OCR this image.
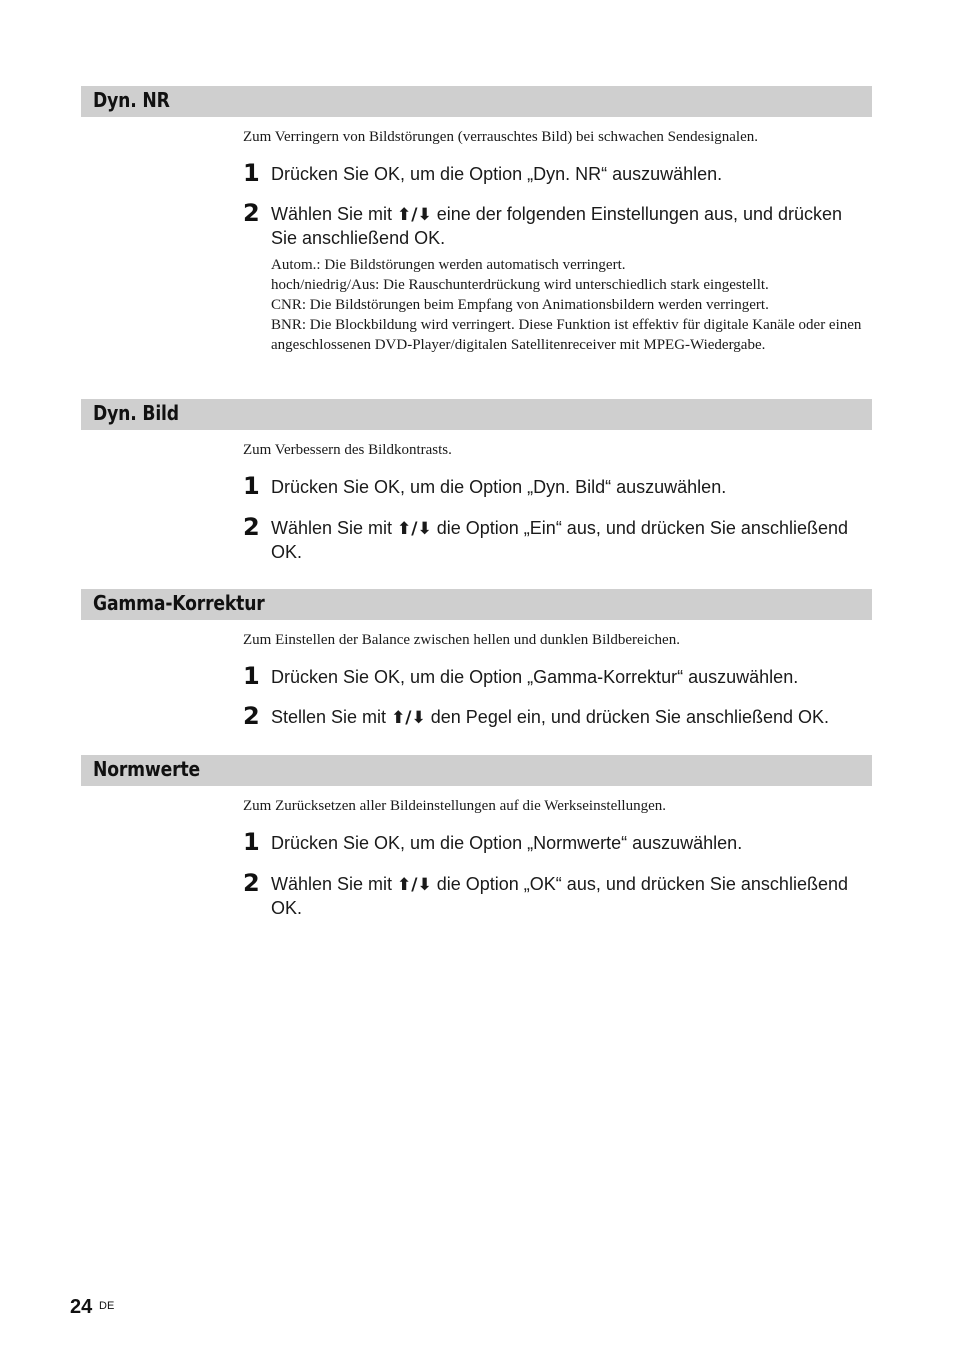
Dyn. NR
Zum Verringern von Bildstörungen (verrauschtes Bild) bei schwachen Sendesignalen.
1 Drücken Sie OK, um die Option „Dyn. NR“ auszuwählen.
2 Wählen Sie mit ⬆/⬇ eine der folgenden Einstellungen aus, und drücken Sie anschließend OK.
Autom.: Die Bildstörungen werden automatisch verringert.
hoch/niedrig/Aus: Die Rauschunterdrückung wird unterschiedlich stark eingestellt.
CNR: Die Bildstörungen beim Empfang von Animationsbildern werden verringert.
BNR: Die Blockbildung wird verringert. Diese Funktion ist effektiv für digitale Kanäle oder einen angeschlossenen DVD-Player/digitalen Satellitenreceiver mit MPEG-Wiedergabe.
Dyn. Bild
Zum Verbessern des Bildkontrasts.
1 Drücken Sie OK, um die Option „Dyn. Bild“ auszuwählen.
2 Wählen Sie mit ⬆/⬇ die Option „Ein“ aus, und drücken Sie anschließend OK.
Gamma-Korrektur
Zum Einstellen der Balance zwischen hellen und dunklen Bildbereichen.
1 Drücken Sie OK, um die Option „Gamma-Korrektur“ auszuwählen.
2 Stellen Sie mit ⬆/⬇ den Pegel ein, und drücken Sie anschließend OK.
Normwerte
Zum Zurücksetzen aller Bildeinstellungen auf die Werkseinstellungen.
1 Drücken Sie OK, um die Option „Normwerte“ auszuwählen.
2 Wählen Sie mit ⬆/⬇ die Option „OK“ aus, und drücken Sie anschließend OK.
24 DE
